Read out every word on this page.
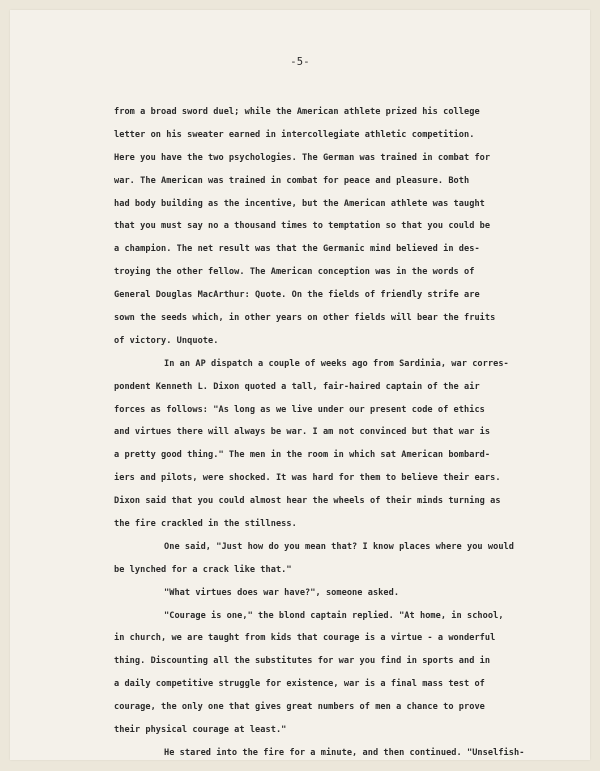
-5-
from a broad sword duel; while the American athlete prized his college
letter on his sweater earned in intercollegiate athletic competition.
Here you have the two psychologies. The German was trained in combat for
war. The American was trained in combat for peace and pleasure. Both
had body building as the incentive, but the American athlete was taught
that you must say no a thousand times to temptation so that you could be
a champion. The net result was that the Germanic mind believed in des-
troying the other fellow. The American conception was in the words of
General Douglas MacArthur: Quote. On the fields of friendly strife are
sown the seeds which, in other years on other fields will bear the fruits
of victory. Unquote.
In an AP dispatch a couple of weeks ago from Sardinia, war corres-
pondent Kenneth L. Dixon quoted a tall, fair-haired captain of the air
forces as follows: "As long as we live under our present code of ethics
and virtues there will always be war. I am not convinced but that war is
a pretty good thing." The men in the room in which sat American bombard-
iers and pilots, were shocked. It was hard for them to believe their ears.
Dixon said that you could almost hear the wheels of their minds turning as
the fire crackled in the stillness.
One said, "Just how do you mean that? I know places where you would
be lynched for a crack like that."
"What virtues does war have?", someone asked.
"Courage is one," the blond captain replied. "At home, in school,
in church, we are taught from kids that courage is a virtue - a wonderful
thing. Discounting all the substitutes for war you find in sports and in
a daily competitive struggle for existence, war is a final mass test of
courage, the only one that gives great numbers of men a chance to prove
their physical courage at least."
He stared into the fire for a minute, and then continued. "Unselfish-
